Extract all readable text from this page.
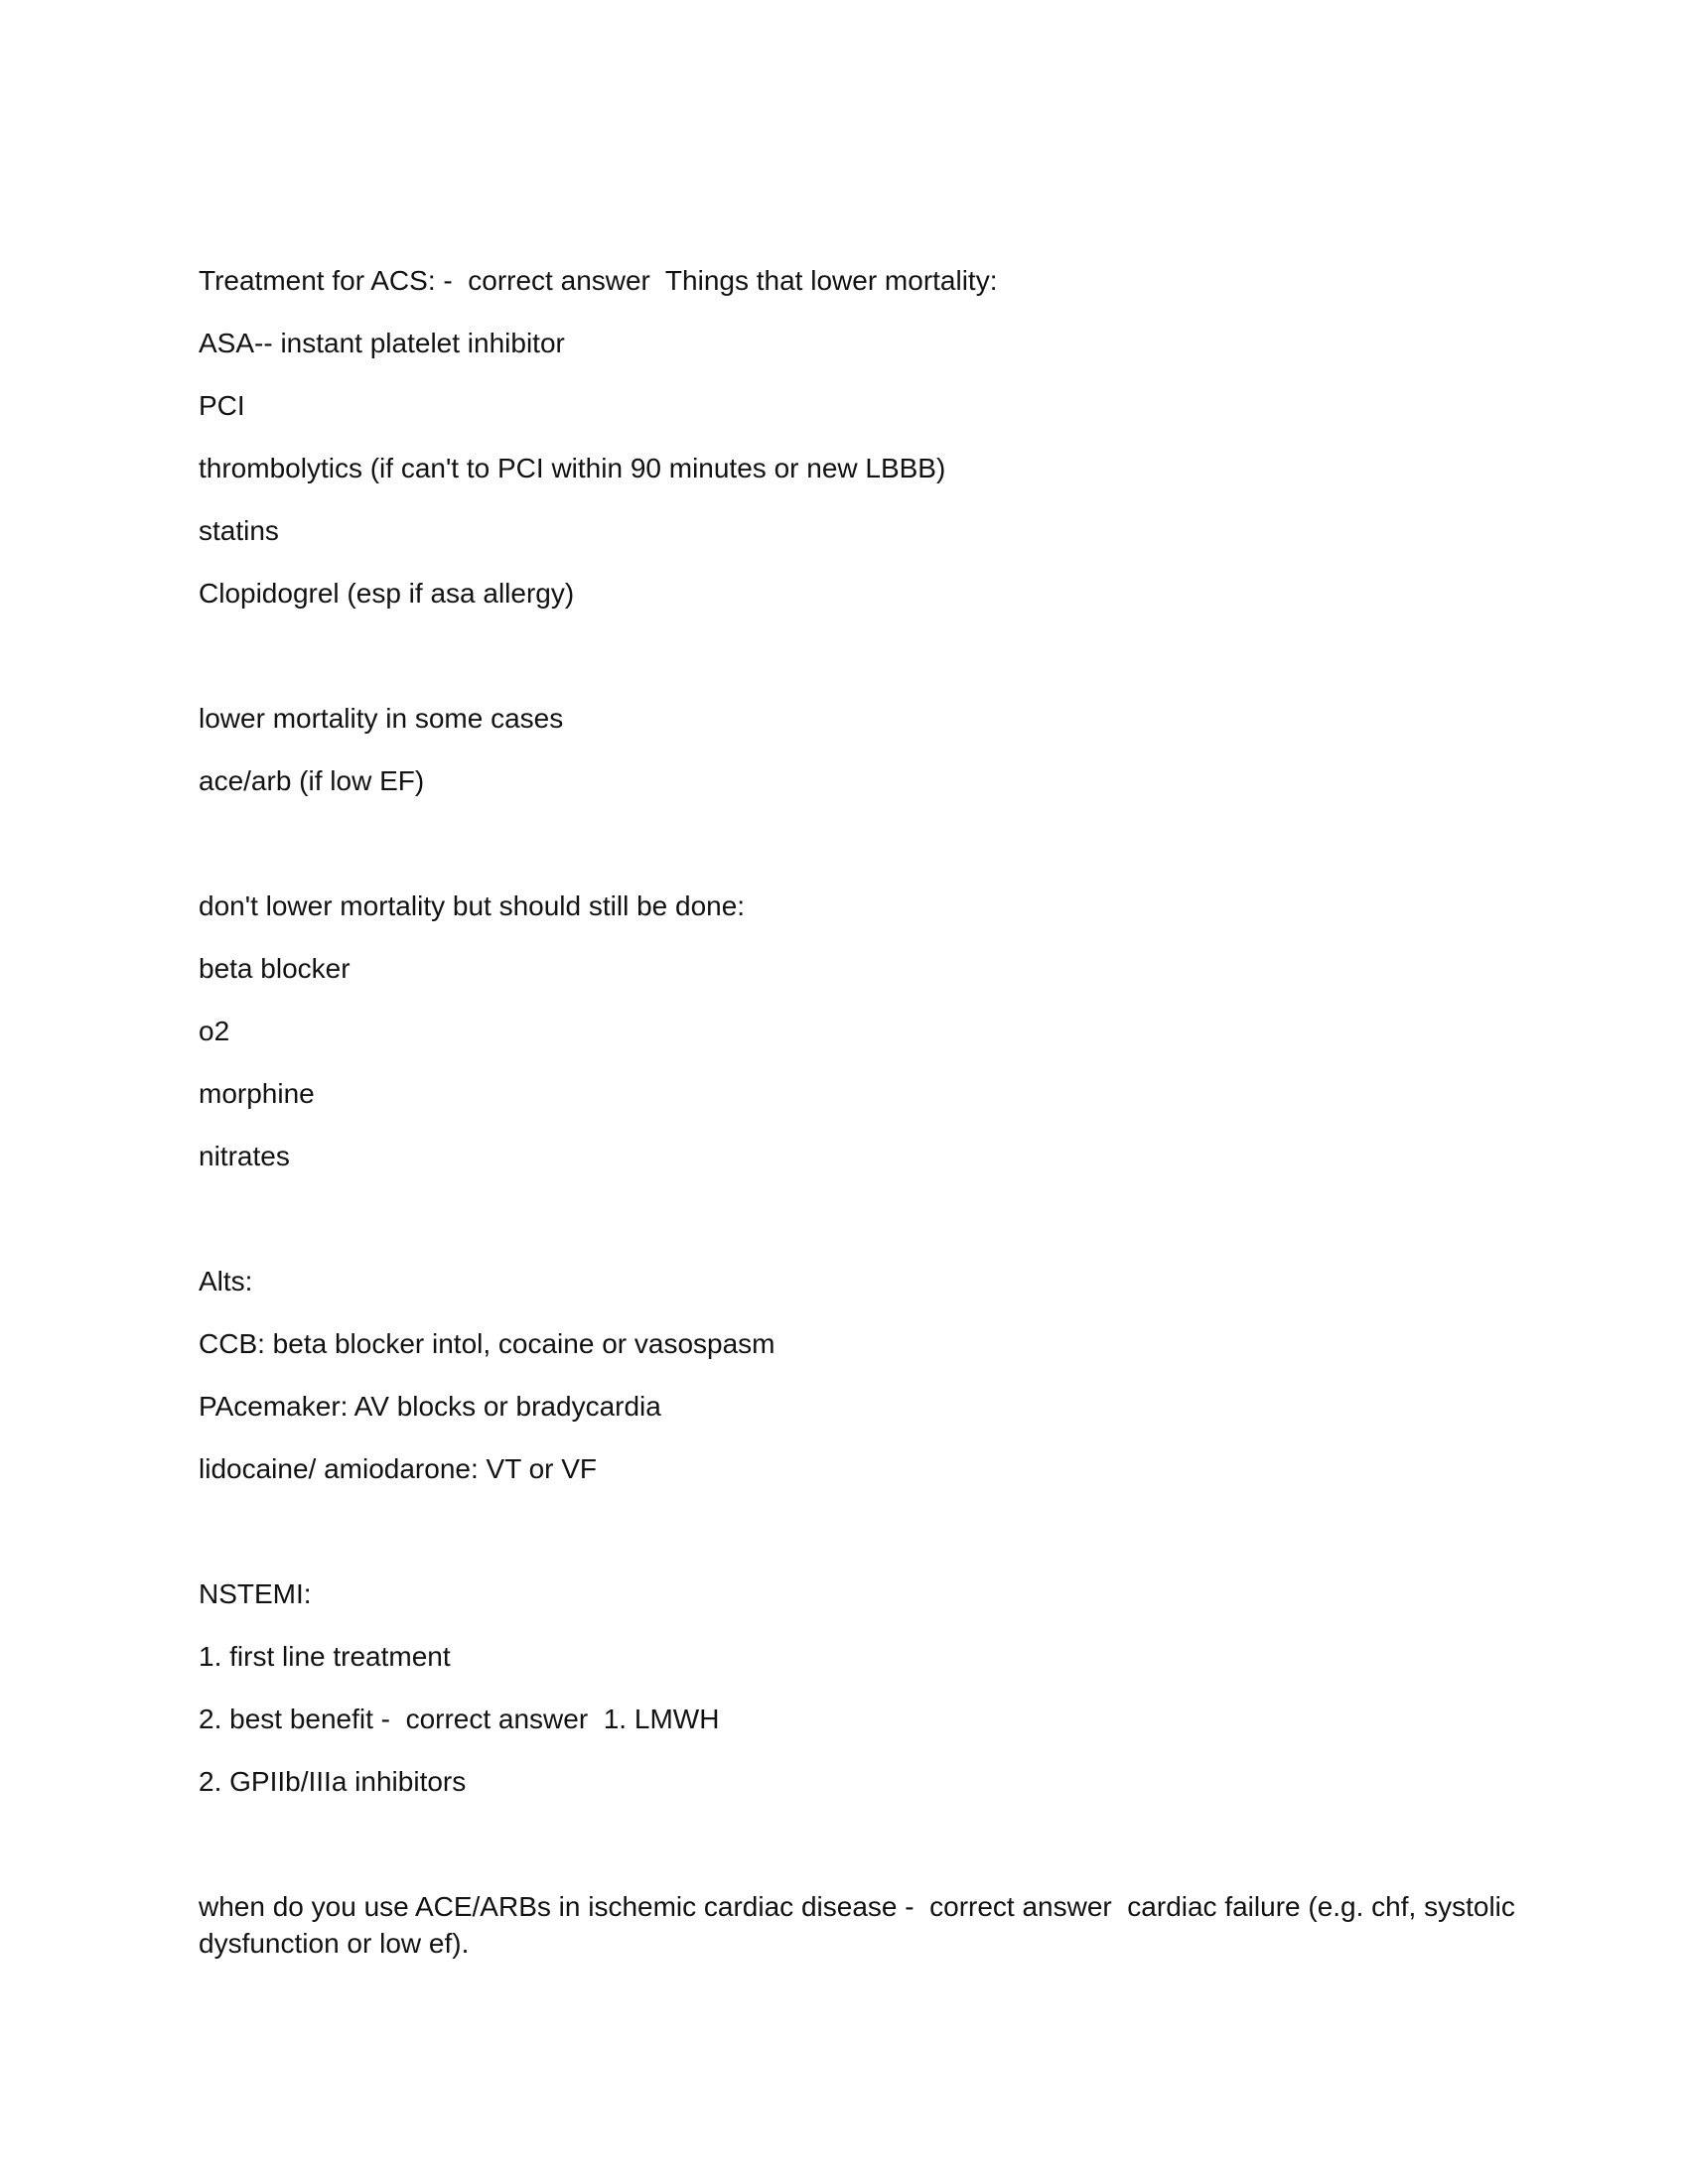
Treatment for ACS: -  correct answer  Things that lower mortality:

ASA-- instant platelet inhibitor

PCI

thrombolytics (if can't to PCI within 90 minutes or new LBBB)

statins

Clopidogrel (esp if asa allergy)

lower mortality in some cases

ace/arb (if low EF)

don't lower mortality but should still be done:

beta blocker

o2

morphine

nitrates

Alts:

CCB: beta blocker intol, cocaine or vasospasm

PAcemaker: AV blocks or bradycardia

lidocaine/ amiodarone: VT or VF

NSTEMI:

1. first line treatment

2. best benefit -  correct answer  1. LMWH

2. GPIIb/IIIa inhibitors

when do you use ACE/ARBs in ischemic cardiac disease -  correct answer  cardiac failure (e.g. chf, systolic dysfunction or low ef).
